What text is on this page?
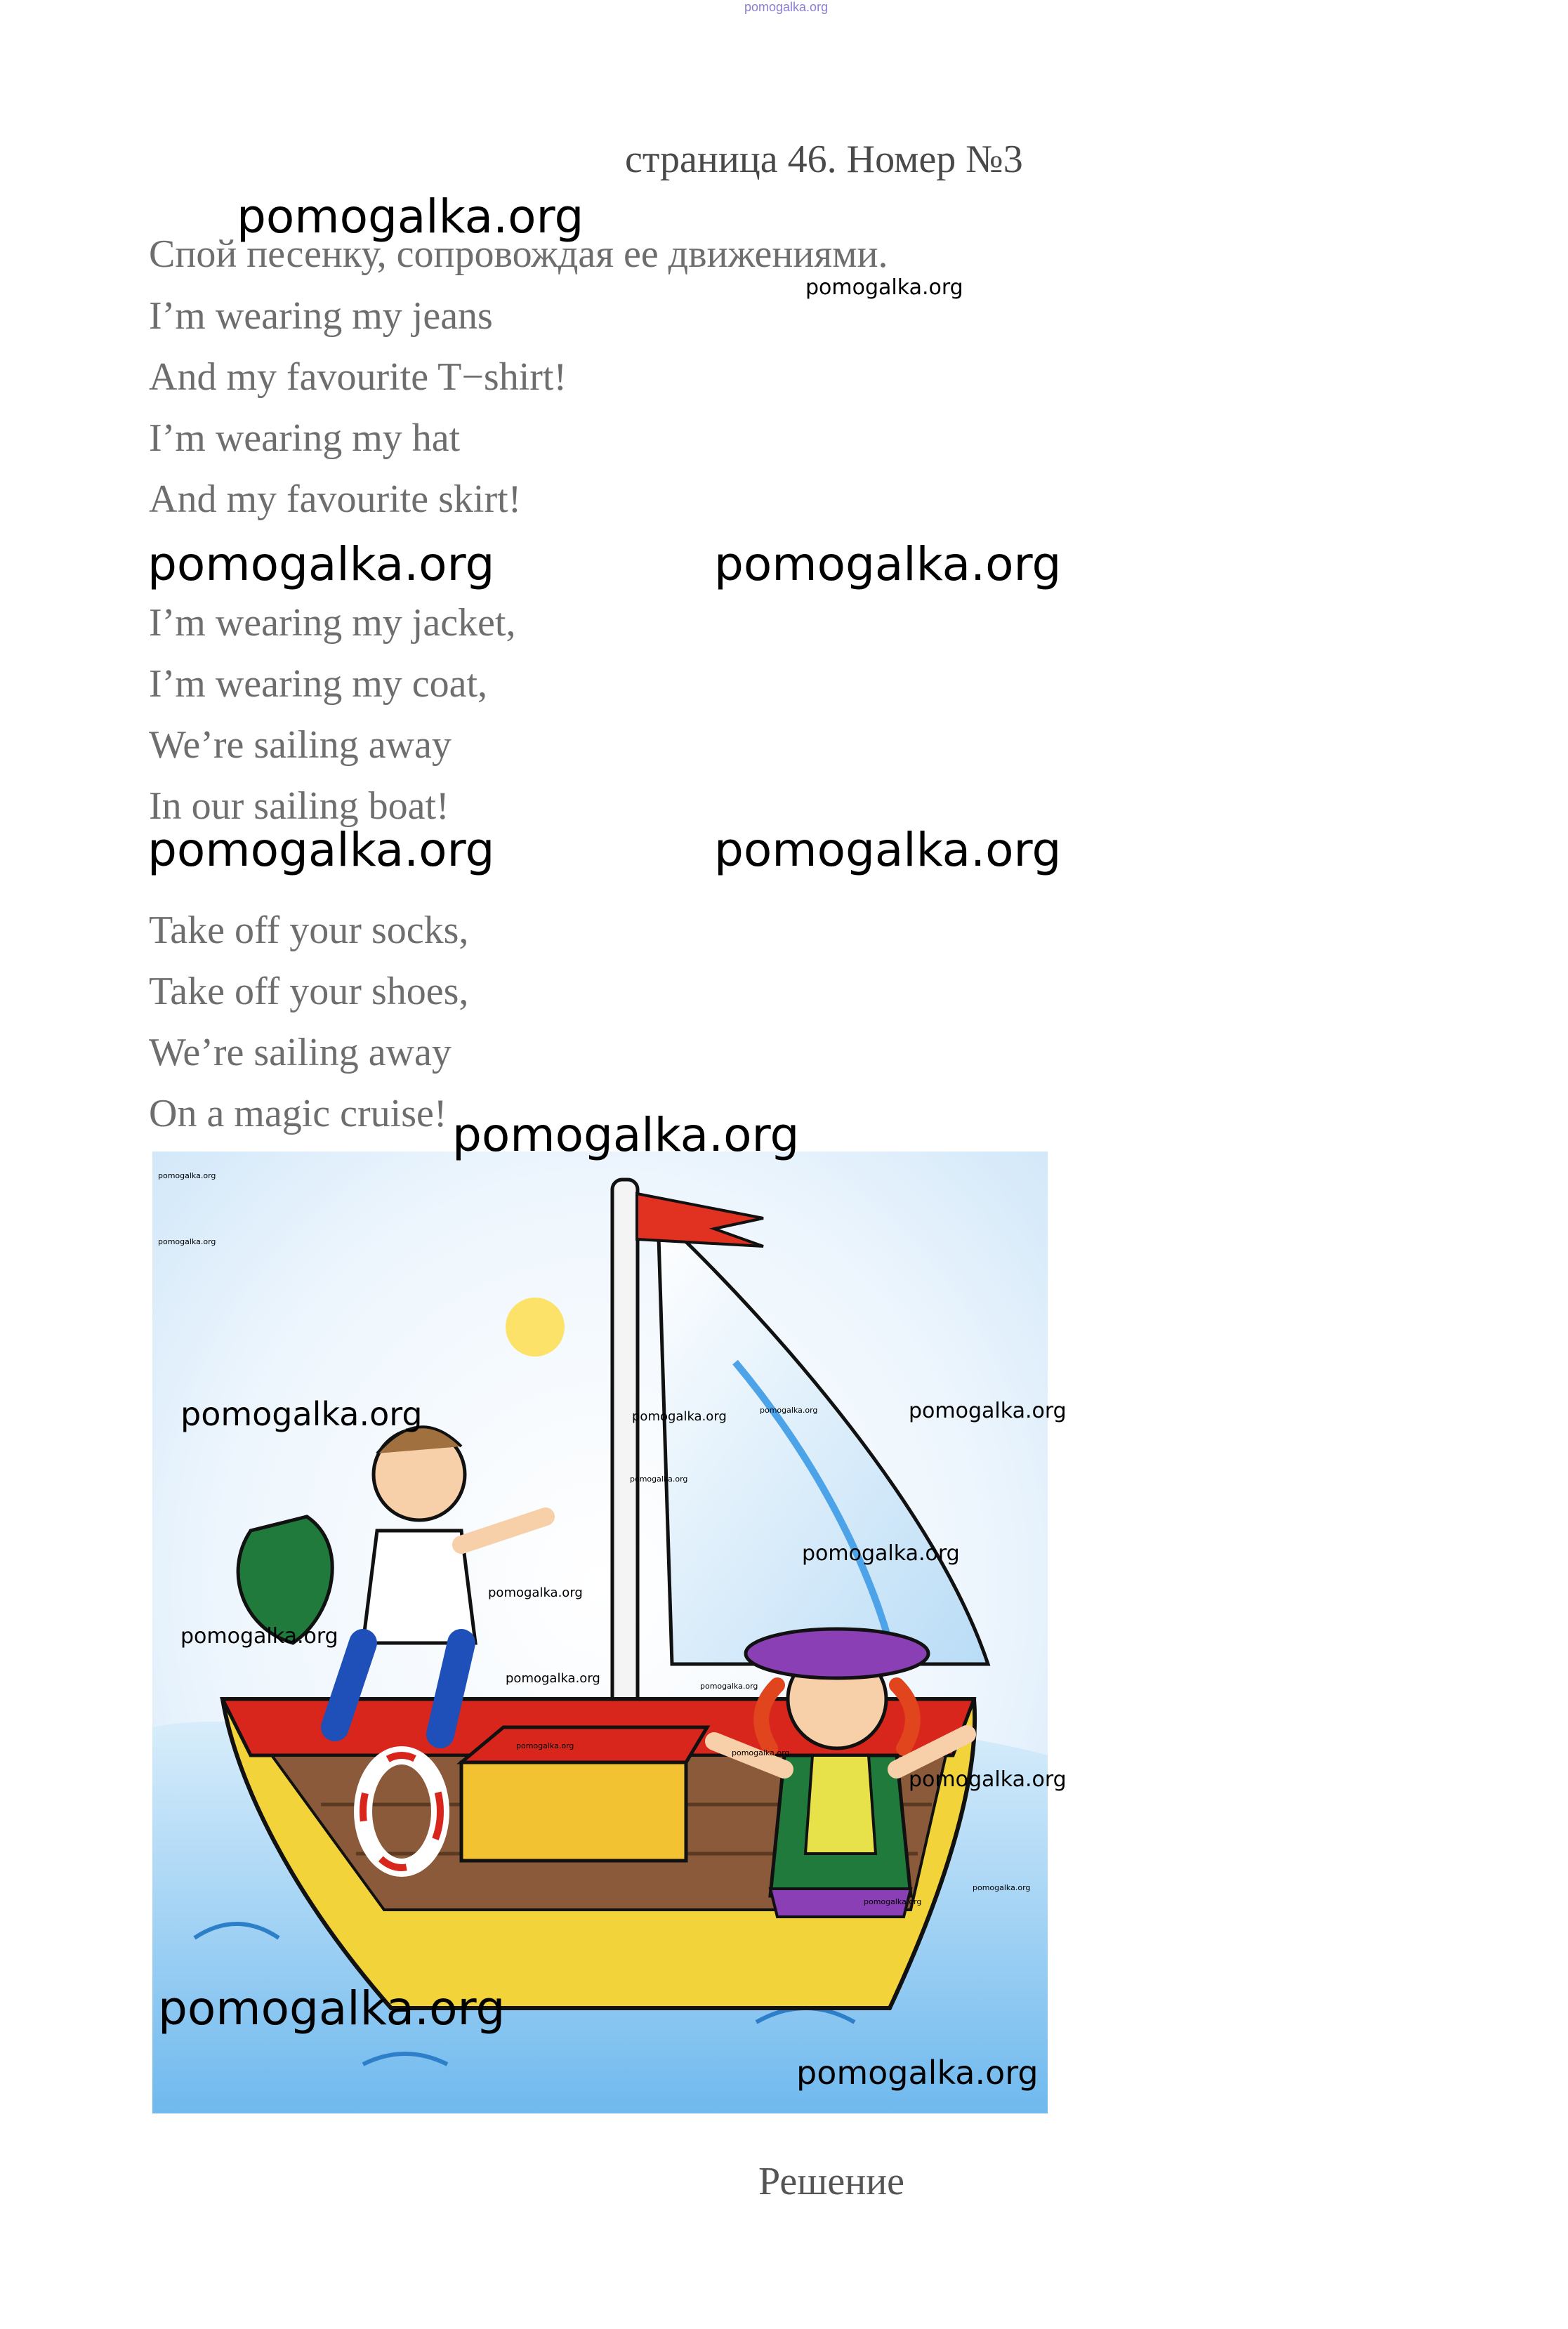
pomogalka.org
страница 46. Номер №3
Спой песенку, сопровождая ее движениями.
I’m wearing my jeans
And my favourite T−shirt!
I’m wearing my hat
And my favourite skirt!
I’m wearing my jacket,
I’m wearing my coat,
We’re sailing away
In our sailing boat!
Take off your socks,
Take off your shoes,
We’re sailing away
On a magic cruise!
pomogalka.org
pomogalka.org
pomogalka.org	pomogalka.org
pomogalka.org	pomogalka.org
pomogalka.org
pomogalka.org
pomogalka.org
pomogalka.org	pomogalka.org	pomogalka.org	pomogalka.org
pomogalka.org
pomogalka.org
pomogalka.org
pomogalka.org
pomogalka.org
pomogalka.org
pomogalka.org
pomogalka.org
pomogalka.org
pomogalka.org
pomogalka.org
pomogalka.org
pomogalka.org
Решение
